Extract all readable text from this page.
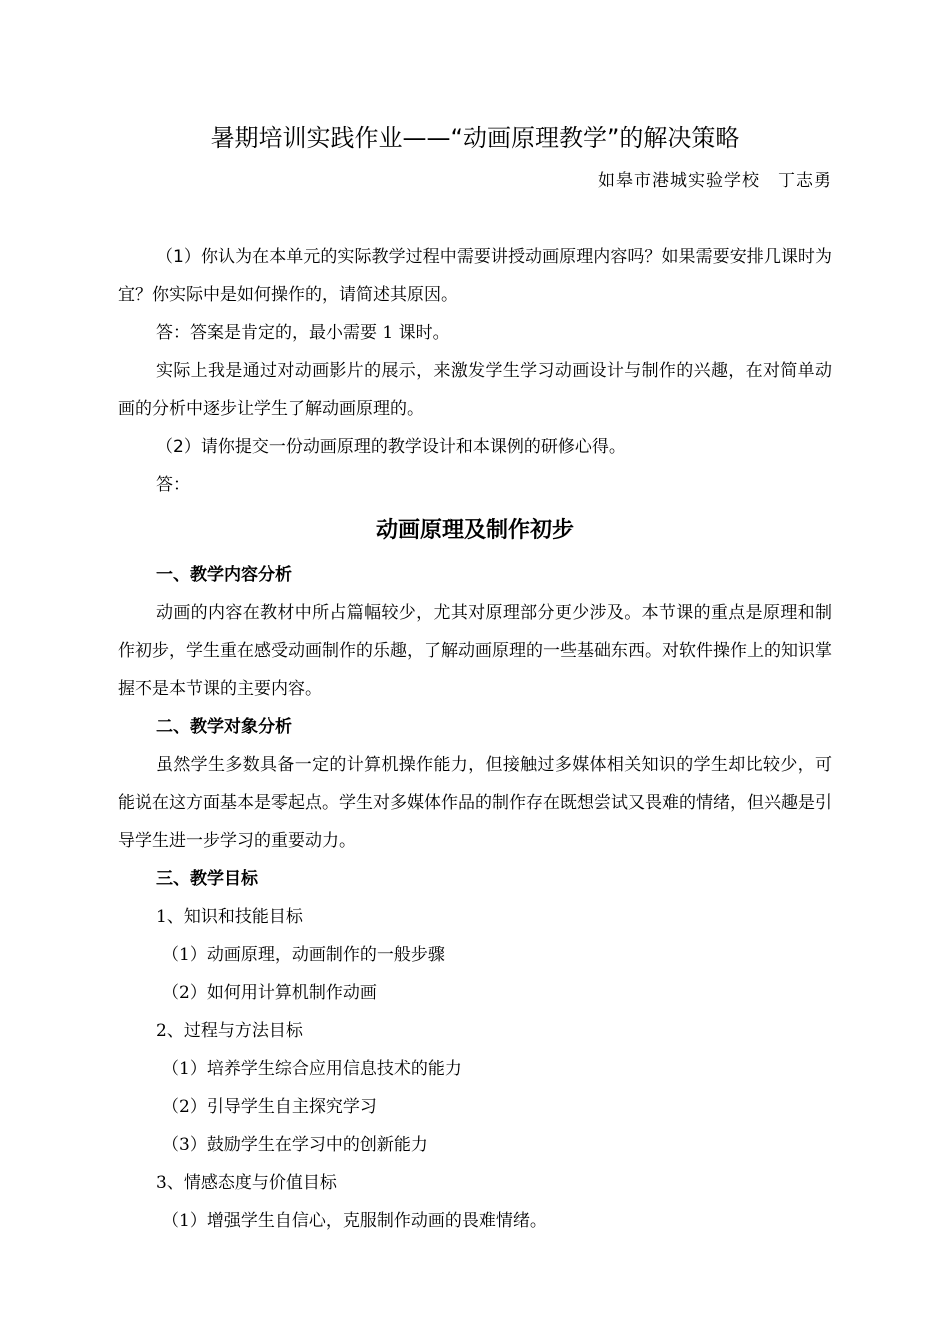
暑期培训实践作业——“动画原理教学”的解决策略
如皋市港城实验学校　丁志勇

（1）你认为在本单元的实际教学过程中需要讲授动画原理内容吗？如果需要安排几课时为宜？你实际中是如何操作的，请简述其原因。

答：答案是肯定的，最小需要 1 课时。

实际上我是通过对动画影片的展示，来激发学生学习动画设计与制作的兴趣，在对简单动画的分析中逐步让学生了解动画原理的。

（2）请你提交一份动画原理的教学设计和本课例的研修心得。

答：

动画原理及制作初步

一、教学内容分析

动画的内容在教材中所占篇幅较少，尤其对原理部分更少涉及。本节课的重点是原理和制作初步，学生重在感受动画制作的乐趣，了解动画原理的一些基础东西。对软件操作上的知识掌握不是本节课的主要内容。

二、教学对象分析

虽然学生多数具备一定的计算机操作能力，但接触过多媒体相关知识的学生却比较少，可能说在这方面基本是零起点。学生对多媒体作品的制作存在既想尝试又畏难的情绪，但兴趣是引导学生进一步学习的重要动力。

三、教学目标

1、知识和技能目标

（1）动画原理，动画制作的一般步骤

（2）如何用计算机制作动画

2、过程与方法目标

（1）培养学生综合应用信息技术的能力

（2）引导学生自主探究学习

（3）鼓励学生在学习中的创新能力

3、情感态度与价值目标

（1）增强学生自信心，克服制作动画的畏难情绪。
